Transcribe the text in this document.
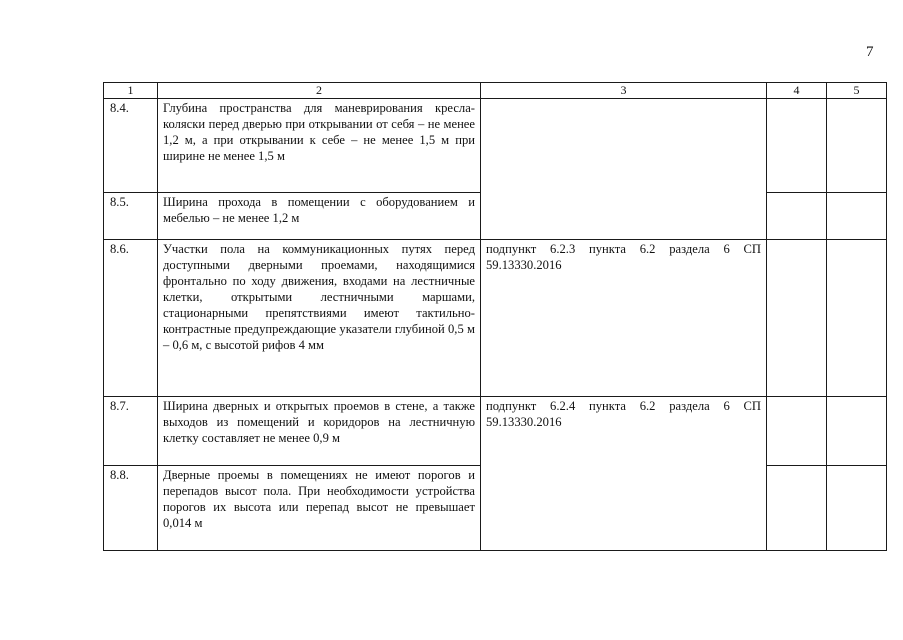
7
1	2	3	4	5
8.4.	Глубина пространства для маневрирования кресла-коляски перед дверью при открывании от себя – не менее 1,2 м, а при открывании к себе – не менее 1,5 м при ширине не менее 1,5 м			
8.5.	Ширина прохода в помещении с оборудованием и мебелью – не менее 1,2 м			
8.6.	Участки пола на коммуникационных путях перед доступными дверными проемами, находящимися фронтально по ходу движения, входами на лестничные клетки, открытыми лестничными маршами, стационарными препятствиями имеют тактильно-контрастные предупреждающие указатели глубиной 0,5 м – 0,6 м, с высотой рифов 4 мм	подпункт 6.2.3 пункта 6.2 раздела 6 СП 59.13330.2016		
8.7.	Ширина дверных и открытых проемов в стене, а также выходов из помещений и коридоров на лестничную клетку составляет не менее 0,9 м	подпункт 6.2.4 пункта 6.2 раздела 6 СП 59.13330.2016		
8.8.	Дверные проемы в помещениях не имеют порогов и перепадов высот пола. При необходимости устройства порогов их высота или перепад высот не превышает 0,014 м			
